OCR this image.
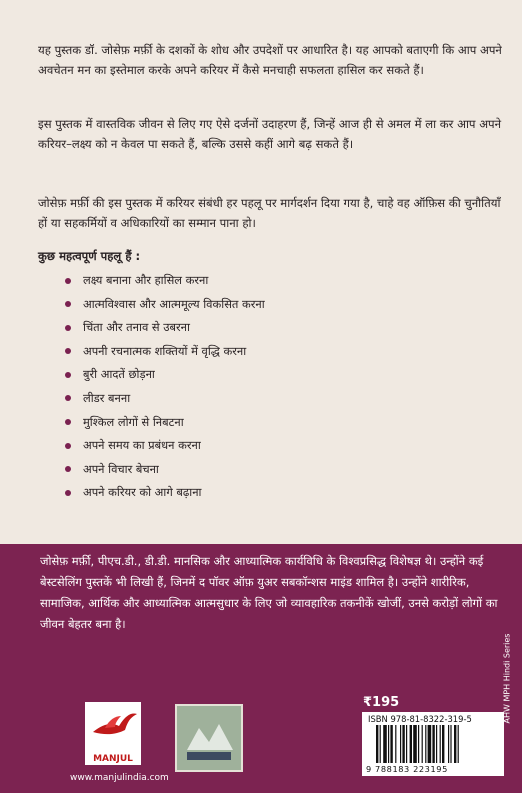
यह पुस्तक डॉ. जोसेफ़ मर्फ़ी के दशकों के शोध और उपदेशों पर आधारित है। यह आपको बताएगी कि आप अपने अवचेतन मन का इस्तेमाल करके अपने करियर में कैसे मनचाही सफलता हासिल कर सकते हैं।

इस पुस्तक में वास्तविक जीवन से लिए गए ऐसे दर्जनों उदाहरण हैं, जिन्हें आज ही से अमल में ला कर आप अपने करियर–लक्ष्य को न केवल पा सकते हैं, बल्कि उससे कहीं आगे बढ़ सकते हैं।

जोसेफ़ मर्फ़ी की इस पुस्तक में करियर संबंधी हर पहलू पर मार्गदर्शन दिया गया है, चाहे वह ऑफ़िस की चुनौतियाँ हों या सहकर्मियों व अधिकारियों का सम्मान पाना हो।

कुछ महत्वपूर्ण पहलू हैं :

लक्ष्य बनाना और हासिल करना
आत्मविश्वास और आत्ममूल्य विकसित करना
चिंता और तनाव से उबरना
अपनी रचनात्मक शक्तियों में वृद्धि करना
बुरी आदतें छोड़ना
लीडर बनना
मुश्किल लोगों से निबटना
अपने समय का प्रबंधन करना
अपने विचार बेचना
अपने करियर को आगे बढ़ाना

जोसेफ़ मर्फ़ी, पीएच.डी., डी.डी. मानसिक और आध्यात्मिक कार्यविधि के विश्वप्रसिद्ध विशेषज्ञ थे। उन्होंने कई बेस्टसेलिंग पुस्तकें भी लिखी हैं, जिनमें द पॉवर ऑफ़ युअर सबकॉन्शस माइंड शामिल है। उन्होंने शारीरिक, सामाजिक, आर्थिक और आध्यात्मिक आत्मसुधार के लिए जो व्यावहारिक तकनीकें खोजीं, उनसे करोड़ों लोगों का जीवन बेहतर बना है।

MANJUL
www.manjulindia.com
₹195
ISBN 978-81-8322-319-5
9 788183 223195
AHW MPH Hindi Series
